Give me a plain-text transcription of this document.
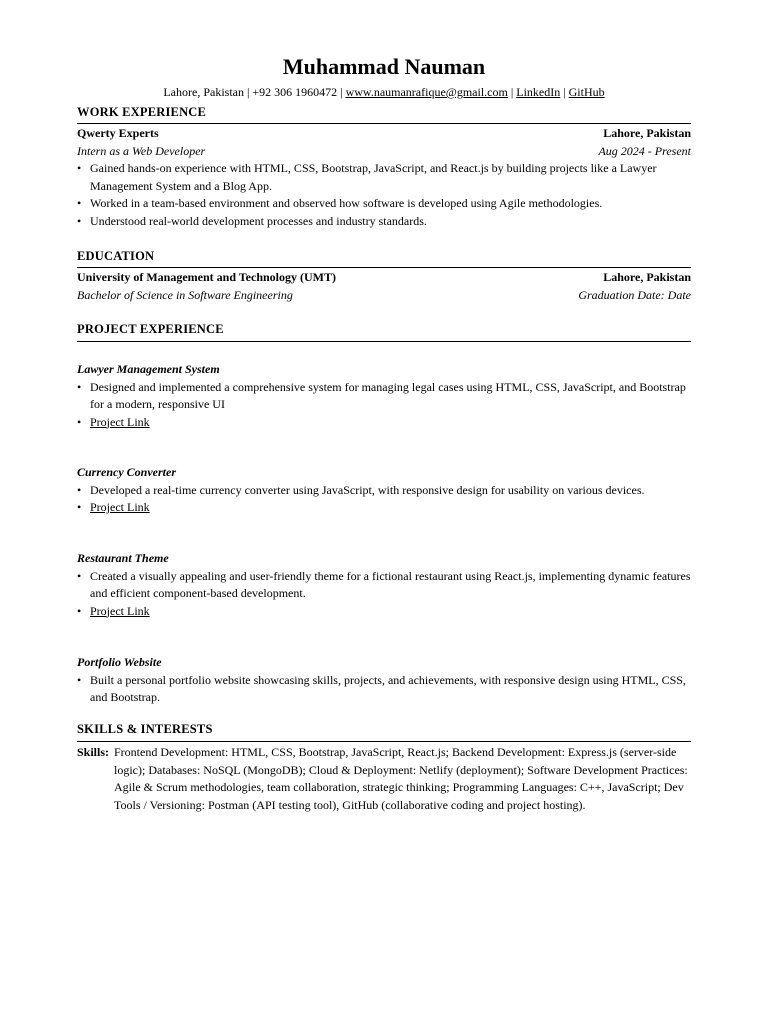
Muhammad Nauman
Lahore, Pakistan | +92 306 1960472 | www.naumanrafique@gmail.com | LinkedIn | GitHub
WORK EXPERIENCE
Qwerty Experts	Lahore, Pakistan
Intern as a Web Developer	Aug 2024 - Present
• Gained hands-on experience with HTML, CSS, Bootstrap, JavaScript, and React.js by building projects like a Lawyer Management System and a Blog App.
• Worked in a team-based environment and observed how software is developed using Agile methodologies.
• Understood real-world development processes and industry standards.
EDUCATION
University of Management and Technology (UMT)	Lahore, Pakistan
Bachelor of Science in Software Engineering	Graduation Date: Date
PROJECT EXPERIENCE
Lawyer Management System
• Designed and implemented a comprehensive system for managing legal cases using HTML, CSS, JavaScript, and Bootstrap for a modern, responsive UI
• Project Link
Currency Converter
• Developed a real-time currency converter using JavaScript, with responsive design for usability on various devices.
• Project Link
Restaurant Theme
• Created a visually appealing and user-friendly theme for a fictional restaurant using React.js, implementing dynamic features and efficient component-based development.
• Project Link
Portfolio Website
• Built a personal portfolio website showcasing skills, projects, and achievements, with responsive design using HTML, CSS, and Bootstrap.
SKILLS & INTERESTS
Skills: Frontend Development: HTML, CSS, Bootstrap, JavaScript, React.js; Backend Development: Express.js (server-side logic); Databases: NoSQL (MongoDB); Cloud & Deployment: Netlify (deployment); Software Development Practices: Agile & Scrum methodologies, team collaboration, strategic thinking; Programming Languages: C++, JavaScript; Dev Tools / Versioning: Postman (API testing tool), GitHub (collaborative coding and project hosting).
